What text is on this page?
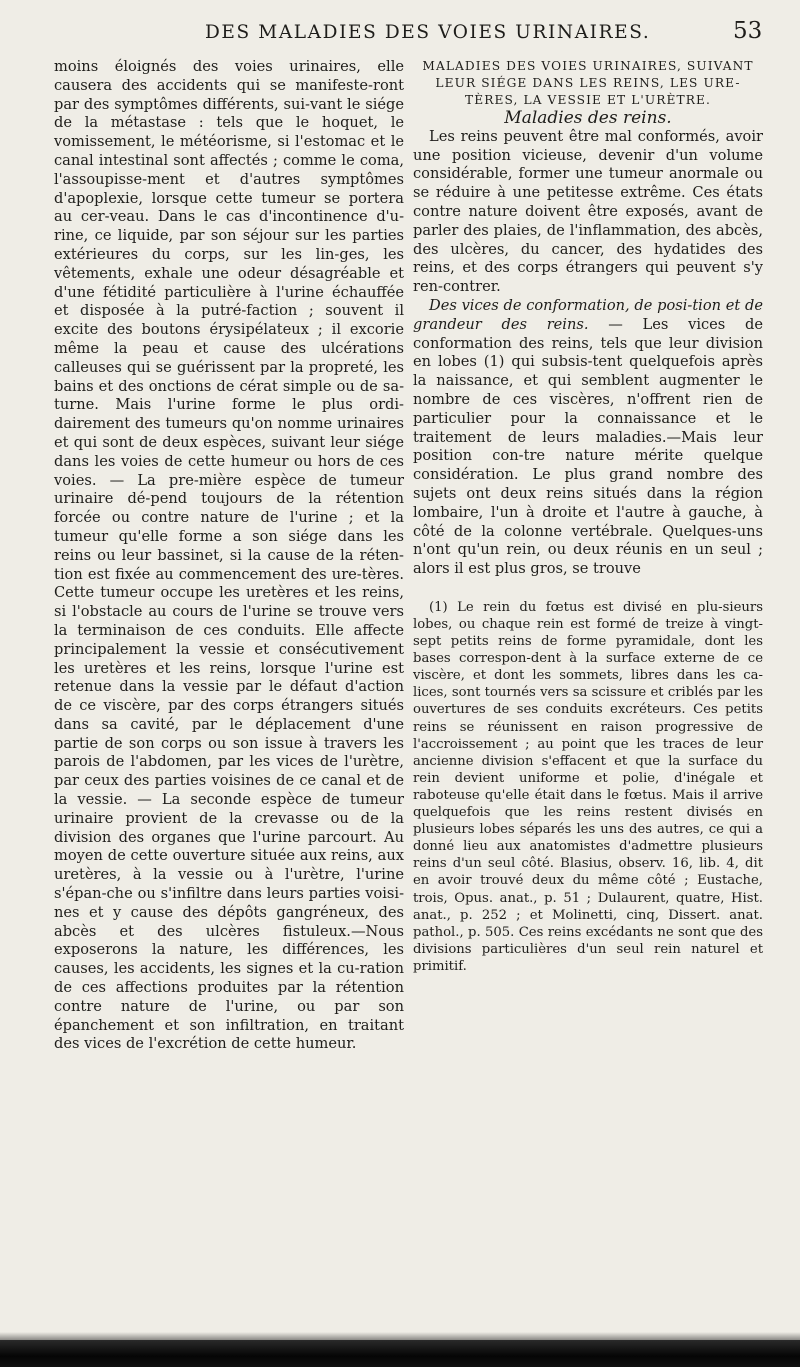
DES MALADIES DES VOIES URINAIRES.	53

moins éloignés des voies urinaires, elle causera des accidents qui se manifeste-ront par des symptômes différents, sui-vant le siége de la métastase : tels que le hoquet, le vomissement, le météorisme, si l'estomac et le canal intestinal sont affectés ; comme le coma, l'assoupisse-ment et d'autres symptômes d'apoplexie, lorsque cette tumeur se portera au cer-veau. Dans le cas d'incontinence d'u-rine, ce liquide, par son séjour sur les parties extérieures du corps, sur les lin-ges, les vêtements, exhale une odeur désagréable et d'une fétidité particulière à l'urine échauffée et disposée à la putré-faction ; souvent il excite des boutons érysipélateux ; il excorie même la peau et cause des ulcérations calleuses qui se guérissent par la propreté, les bains et des onctions de cérat simple ou de sa-turne. Mais l'urine forme le plus ordi-dairement des tumeurs qu'on nomme urinaires et qui sont de deux espèces, suivant leur siége dans les voies de cette humeur ou hors de ces voies. — La pre-mière espèce de tumeur urinaire dé-pend toujours de la rétention forcée ou contre nature de l'urine ; et la tumeur qu'elle forme a son siége dans les reins ou leur bassinet, si la cause de la réten-tion est fixée au commencement des ure-tères. Cette tumeur occupe les uretères et les reins, si l'obstacle au cours de l'urine se trouve vers la terminaison de ces conduits. Elle affecte principalement la vessie et consécutivement les uretères et les reins, lorsque l'urine est retenue dans la vessie par le défaut d'action de ce viscère, par des corps étrangers situés dans sa cavité, par le déplacement d'une partie de son corps ou son issue à travers les parois de l'abdomen, par les vices de l'urètre, par ceux des parties voisines de ce canal et de la vessie. — La seconde espèce de tumeur urinaire provient de la crevasse ou de la division des organes que l'urine parcourt. Au moyen de cette ouverture située aux reins, aux uretères, à la vessie ou à l'urètre, l'urine s'épan-che ou s'infiltre dans leurs parties voisi-nes et y cause des dépôts gangréneux, des abcès et des ulcères fistuleux.—Nous exposerons la nature, les différences, les causes, les accidents, les signes et la cu-ration de ces affections produites par la rétention contre nature de l'urine, ou par son épanchement et son infiltration, en traitant des vices de l'excrétion de cette humeur.

MALADIES DES VOIES URINAIRES, SUIVANT LEUR SIÉGE DANS LES REINS, LES URE-TÈRES, LA VESSIE ET L'URÈTRE.

Maladies des reins.

Les reins peuvent être mal conformés, avoir une position vicieuse, devenir d'un volume considérable, former une tumeur anormale ou se réduire à une petitesse extrême. Ces états contre nature doivent être exposés, avant de parler des plaies, de l'inflammation, des abcès, des ulcères, du cancer, des hydatides des reins, et des corps étrangers qui peuvent s'y ren-contrer.

Des vices de conformation, de posi-tion et de grandeur des reins. — Les vices de conformation des reins, tels que leur division en lobes (1) qui subsis-tent quelquefois après la naissance, et qui semblent augmenter le nombre de ces viscères, n'offrent rien de particulier pour la connaissance et le traitement de leurs maladies.—Mais leur position con-tre nature mérite quelque considération. Le plus grand nombre des sujets ont deux reins situés dans la région lombaire, l'un à droite et l'autre à gauche, à côté de la colonne vertébrale. Quelques-uns n'ont qu'un rein, ou deux réunis en un seul ; alors il est plus gros, se trouve

(1) Le rein du fœtus est divisé en plu-sieurs lobes, ou chaque rein est formé de treize à vingt-sept petits reins de forme pyramidale, dont les bases correspon-dent à la surface externe de ce viscère, et dont les sommets, libres dans les ca-lices, sont tournés vers sa scissure et criblés par les ouvertures de ses conduits excréteurs. Ces petits reins se réunissent en raison progressive de l'accroissement ; au point que les traces de leur ancienne division s'effacent et que la surface du rein devient uniforme et polie, d'inégale et raboteuse qu'elle était dans le fœtus. Mais il arrive quelquefois que les reins restent divisés en plusieurs lobes séparés les uns des autres, ce qui a donné lieu aux anatomistes d'admettre plusieurs reins d'un seul côté. Blasius, observ. 16, lib. 4, dit en avoir trouvé deux du même côté ; Eustache, trois, Opus. anat., p. 51 ; Dulaurent, quatre, Hist. anat., p. 252 ; et Molinetti, cinq, Dissert. anat. pathol., p. 505. Ces reins excédants ne sont que des divisions particulières d'un seul rein naturel et primitif.
